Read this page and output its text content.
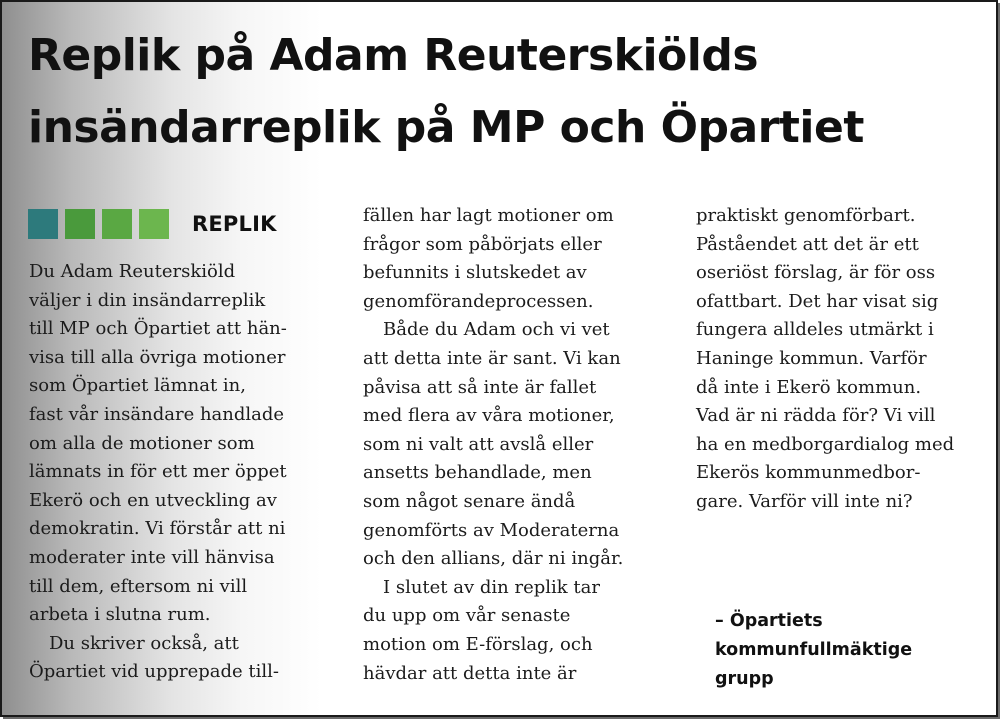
Replik på Adam Reuterskiölds
insändarreplik på MP och Öpartiet
REPLIK
Du Adam Reuterskiöld
väljer i din insändarreplik
till MP och Öpartiet att hän-
visa till alla övriga motioner
som Öpartiet lämnat in,
fast vår insändare handlade
om alla de motioner som
lämnats in för ett mer öppet
Ekerö och en utveckling av
demokratin. Vi förstår att ni
moderater inte vill hänvisa
till dem, eftersom ni vill
arbeta i slutna rum.
Du skriver också, att
Öpartiet vid upprepade till-
fällen har lagt motioner om
frågor som påbörjats eller
befunnits i slutskedet av
genomförandeprocessen.
Både du Adam och vi vet
att detta inte är sant. Vi kan
påvisa att så inte är fallet
med flera av våra motioner,
som ni valt att avslå eller
ansetts behandlade, men
som något senare ändå
genomförts av Moderaterna
och den allians, där ni ingår.
I slutet av din replik tar
du upp om vår senaste
motion om E-förslag, och
hävdar att detta inte är
praktiskt genomförbart.
Påståendet att det är ett
oseriöst förslag, är för oss
ofattbart. Det har visat sig
fungera alldeles utmärkt i
Haninge kommun. Varför
då inte i Ekerö kommun.
Vad är ni rädda för? Vi vill
ha en medborgardialog med
Ekerös kommunmedbor-
gare. Varför vill inte ni?
– Öpartiets
kommunfullmäktige
grupp
